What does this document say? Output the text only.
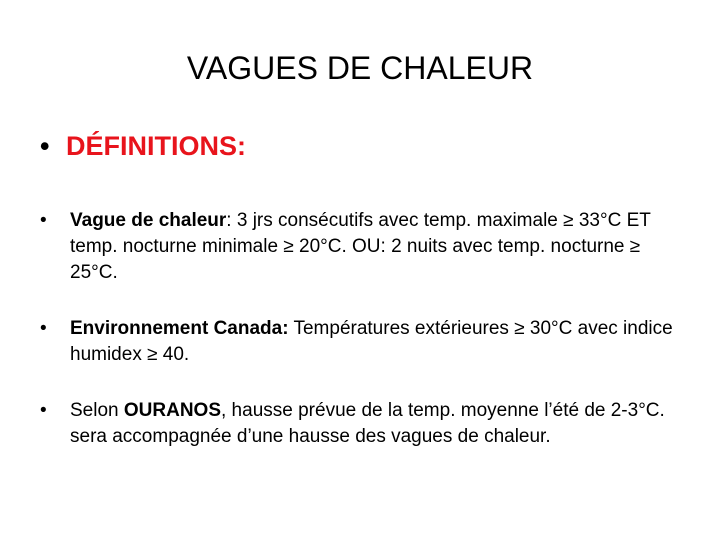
VAGUES DE CHALEUR
• DÉFINITIONS:
• Vague de chaleur: 3 jrs consécutifs avec temp. maximale ≥ 33°C ET temp. nocturne minimale ≥ 20°C. OU: 2 nuits avec temp. nocturne ≥ 25°C.
• Environnement Canada: Températures extérieures ≥ 30°C avec indice humidex ≥ 40.
• Selon OURANOS, hausse prévue de la temp. moyenne l’été de 2-3°C. sera accompagnée d’une hausse des vagues de chaleur.
